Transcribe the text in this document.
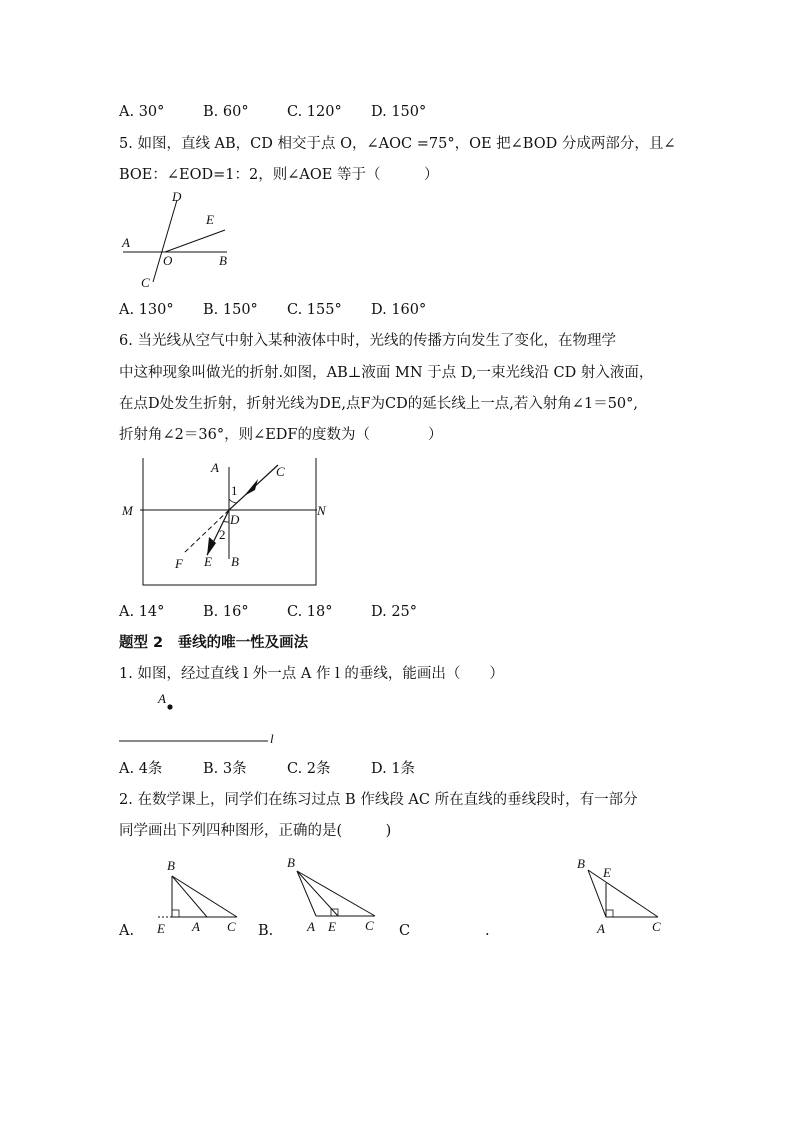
A. 30°	B. 60°	C. 120° D. 150°
5. 如图，直线 AB，CD 相交于点 O，∠AOC =75°，OE 把∠BOD 分成两部分，且∠
BOE：∠EOD=1：2，则∠AOE 等于（　　　）
D
E
A
O	B
C
A. 130° B. 150° C. 155° D. 160°
6. 当光线从空气中射入某种液体中时，光线的传播方向发生了变化，在物理学
中这种现象叫做光的折射.如图，AB⊥液面 MN 于点 D,一束光线沿 CD 射入液面，
在点D处发生折射，折射光线为DE,点F为CD的延长线上一点,若入射角∠1＝50°,
折射角∠2＝36°，则∠EDF的度数为（　　　　）
A	C
1
M
D
N
2
F E B
A. 14°	B. 16°	C. 18°	D. 25°
题型 2　垂线的唯一性及画法
1. 如图，经过直线 l 外一点 A 作 l 的垂线，能画出（　　）
A
l
A. 4条	B. 3条	C. 2条	D. 1条
2. 在数学课上，同学们在练习过点 B 作线段 AC 所在直线的垂线段时，有一部分
同学画出下列四种图形，正确的是(　　　)
B
E A C
B
A E C
B
E
A	C
A.	B.	C	.
